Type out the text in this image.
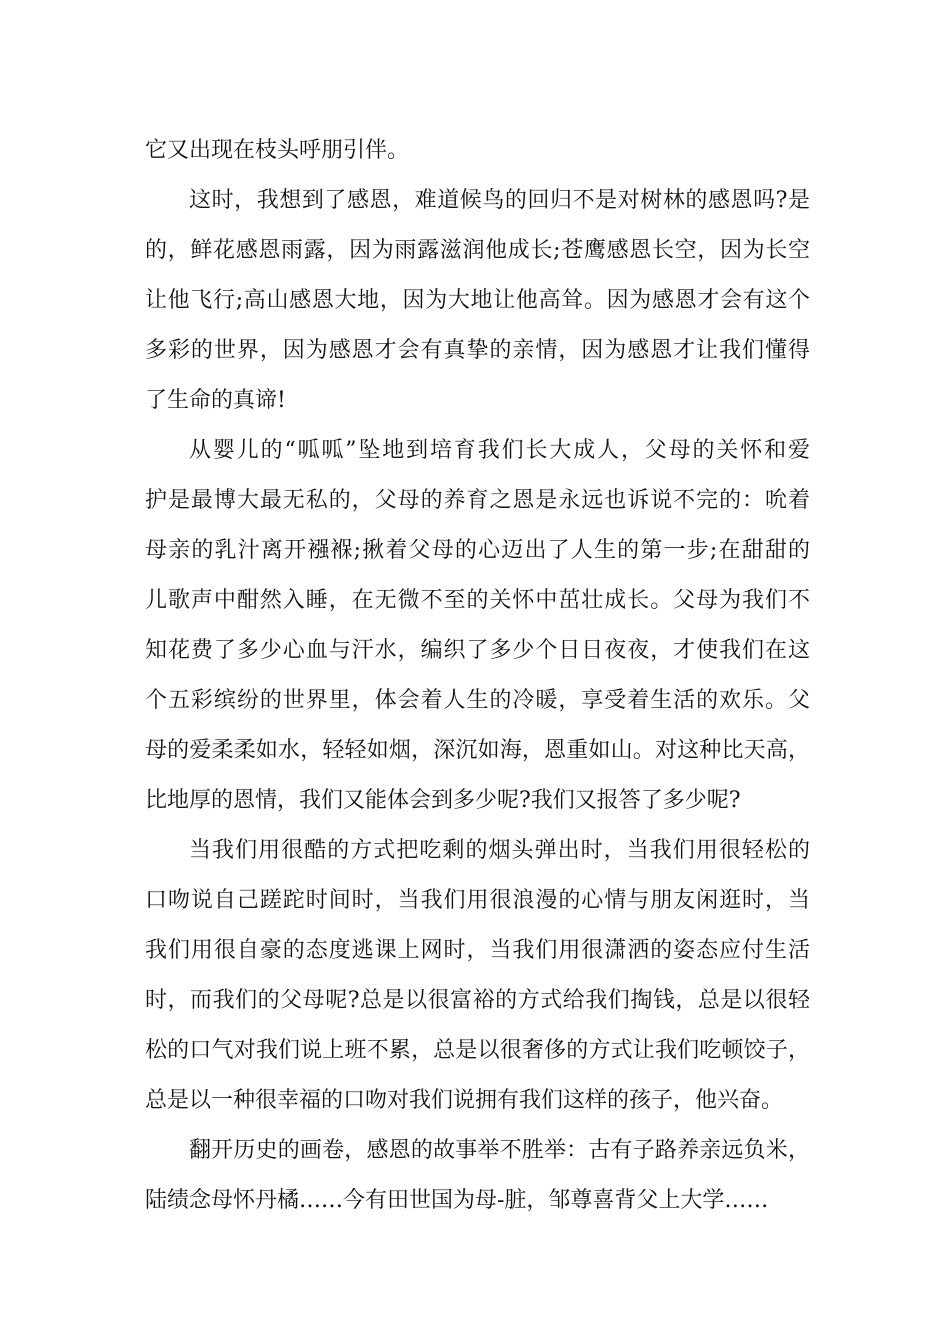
它又出现在枝头呼朋引伴。
这时，我想到了感恩，难道候鸟的回归不是对树林的感恩吗?是
的，鲜花感恩雨露，因为雨露滋润他成长;苍鹰感恩长空，因为长空
让他飞行;高山感恩大地，因为大地让他高耸。因为感恩才会有这个
多彩的世界，因为感恩才会有真挚的亲情，因为感恩才让我们懂得
了生命的真谛!
从婴儿的“呱呱”坠地到培育我们长大成人，父母的关怀和爱
护是最博大最无私的，父母的养育之恩是永远也诉说不完的：吮着
母亲的乳汁离开襁褓;揪着父母的心迈出了人生的第一步;在甜甜的
儿歌声中酣然入睡，在无微不至的关怀中茁壮成长。父母为我们不
知花费了多少心血与汗水，编织了多少个日日夜夜，才使我们在这
个五彩缤纷的世界里，体会着人生的冷暖，享受着生活的欢乐。父
母的爱柔柔如水，轻轻如烟，深沉如海，恩重如山。对这种比天高，
比地厚的恩情，我们又能体会到多少呢?我们又报答了多少呢?
当我们用很酷的方式把吃剩的烟头弹出时，当我们用很轻松的
口吻说自己蹉跎时间时，当我们用很浪漫的心情与朋友闲逛时，当
我们用很自豪的态度逃课上网时，当我们用很潇洒的姿态应付生活
时，而我们的父母呢?总是以很富裕的方式给我们掏钱，总是以很轻
松的口气对我们说上班不累，总是以很奢侈的方式让我们吃顿饺子，
总是以一种很幸福的口吻对我们说拥有我们这样的孩子，他兴奋。
翻开历史的画卷，感恩的故事举不胜举：古有子路养亲远负米，
陆绩念母怀丹橘……今有田世国为母-脏，邹尊喜背父上大学……
